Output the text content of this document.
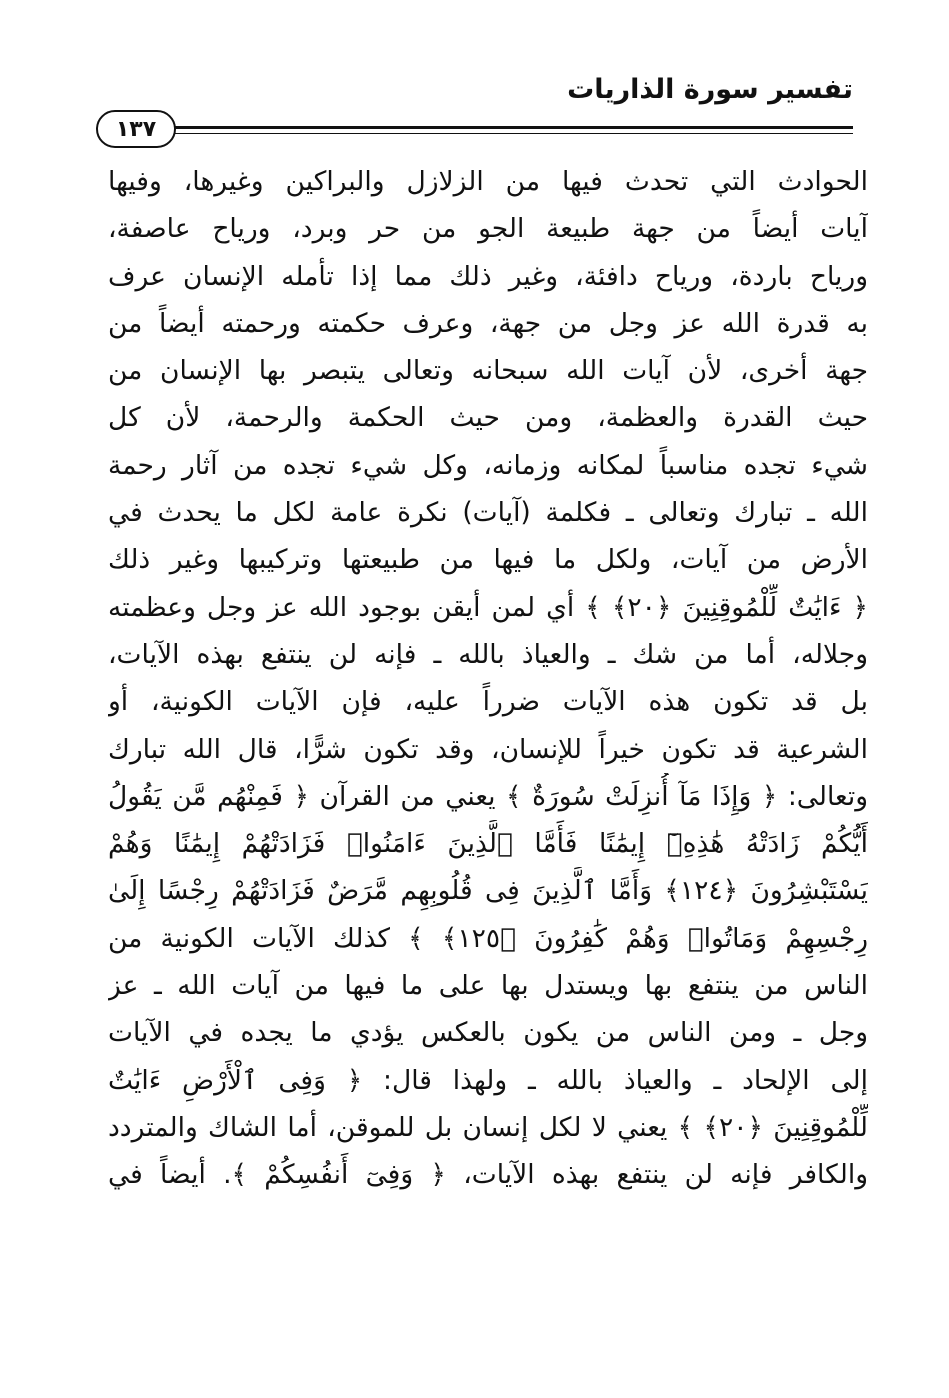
تفسير سورة الذاريات
١٣٧
الحوادث التي تحدث فيها من الزلازل والبراكين وغيرها، وفيها
آيات أيضاً من جهة طبيعة الجو من حر وبرد، ورياح عاصفة،
ورياح باردة، ورياح دافئة، وغير ذلك مما إذا تأمله الإنسان عرف
به قدرة الله عز وجل من جهة، وعرف حكمته ورحمته أيضاً من
جهة أخرى، لأن آيات الله سبحانه وتعالى يتبصر بها الإنسان من
حيث القدرة والعظمة، ومن حيث الحكمة والرحمة، لأن كل
شيء تجده مناسباً لمكانه وزمانه، وكل شيء تجده من آثار رحمة
الله ـ تبارك وتعالى ـ فكلمة (آيات) نكرة عامة لكل ما يحدث في
الأرض من آيات، ولكل ما فيها من طبيعتها وتركيبها وغير ذلك
﴿ ءَايَٰتٌ لِّلْمُوقِنِينَ ﴿٢٠﴾ ﴾ أي لمن أيقن بوجود الله عز وجل وعظمته
وجلاله، أما من شك ـ والعياذ بالله ـ فإنه لن ينتفع بهذه الآيات،
بل قد تكون هذه الآيات ضرراً عليه، فإن الآيات الكونية، أو
الشرعية قد تكون خيراً للإنسان، وقد تكون شرًّا، قال الله تبارك
وتعالى: ﴿ وَإِذَا مَآ أُنزِلَتْ سُورَةٌ ﴾ يعني من القرآن ﴿ فَمِنْهُم مَّن يَقُولُ
أَيُّكُمْ زَادَتْهُ هَٰذِهِۦٓ إِيمَٰنًا فَأَمَّا ٱلَّذِينَ ءَامَنُوا۟ فَزَادَتْهُمْ إِيمَٰنًا وَهُمْ
يَسْتَبْشِرُونَ ﴿١٢٤﴾ وَأَمَّا ٱلَّذِينَ فِى قُلُوبِهِم مَّرَضٌ فَزَادَتْهُمْ رِجْسًا إِلَىٰ
رِجْسِهِمْ وَمَاتُوا۟ وَهُمْ كَٰفِرُونَ ﴿١٢٥﴾ ﴾ كذلك الآيات الكونية من
الناس من ينتفع بها ويستدل بها على ما فيها من آيات الله ـ عز
وجل ـ ومن الناس من يكون بالعكس يؤدي ما يجده في الآيات
إلى الإلحاد ـ والعياذ بالله ـ ولهذا قال: ﴿ وَفِى ٱلْأَرْضِ ءَايَٰتٌ
لِّلْمُوقِنِينَ ﴿٢٠﴾ ﴾ يعني لا لكل إنسان بل للموقن، أما الشاك والمتردد
والكافر فإنه لن ينتفع بهذه الآيات، ﴿ وَفِىٓ أَنفُسِكُمْ ﴾. أيضاً في
